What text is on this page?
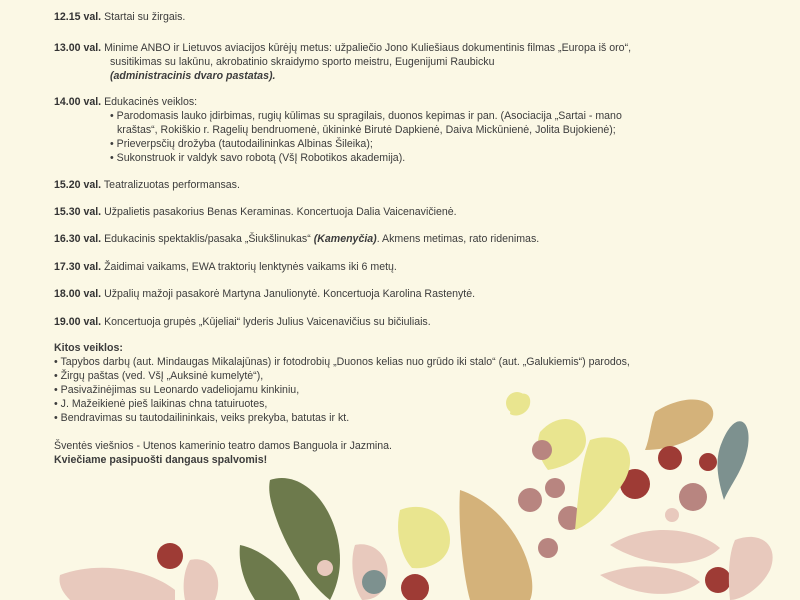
12.15 val. Startai su žirgais.
13.00 val. Minime ANBO ir Lietuvos aviacijos kūrėjų metus: užpaliečio Jono Kuliešiaus dokumentinis filmas „Europa iš oro“,
susitikimas su lakūnu, akrobatinio skraidymo sporto meistru, Eugenijumi Raubicku
(administracinis dvaro pastatas).
14.00 val. Edukacinės veiklos:
• Parodomasis lauko įdirbimas, rugių kūlimas su spragilais, duonos kepimas ir pan. (Asociacija „Sartai - mano
kraštas“, Rokiškio r. Ragelių bendruomenė, ūkininkė Birutė Dapkienė, Daiva Mickūnienė, Jolita Bujokienė);
• Prieverpsčių drožyba (tautodailininkas Albinas Šileika);
• Sukonstruok ir valdyk savo robotą (VšĮ Robotikos akademija).
15.20 val. Teatralizuotas performansas.
15.30 val. Užpalietis pasakorius Benas Keraminas. Koncertuoja Dalia Vaicenavičienė.
16.30 val. Edukacinis spektaklis/pasaka „Šiukšlinukas“ (Kamenyčia). Akmens metimas, rato ridenimas.
17.30 val. Žaidimai vaikams, EWA traktorių lenktynės vaikams iki 6 metų.
18.00 val. Užpalių mažoji pasakorė Martyna Janulionytė. Koncertuoja Karolina Rastenytė.
19.00 val. Koncertuoja grupės „Kūjeliai“ lyderis Julius Vaicenavičius su bičiuliais.
Kitos veiklos:
• Tapybos darbų (aut. Mindaugas Mikalajūnas) ir fotodrobių „Duonos kelias nuo grūdo iki stalo“ (aut. „Galukiemis“) parodos,
• Žirgų paštas (ved. VšĮ „Auksinė kumelytė“),
• Pasivažinėjimas su Leonardo vadeliojamu kinkiniu,
• J. Mažeikienė pieš laikinas chna tatuiruotes,
• Bendravimas su tautodailininkais, veiks prekyba, batutas ir kt.
Šventės viešnios - Utenos kamerinio teatro damos Banguola ir Jazmina.
Kviečiame pasipuošti dangaus spalvomis!
